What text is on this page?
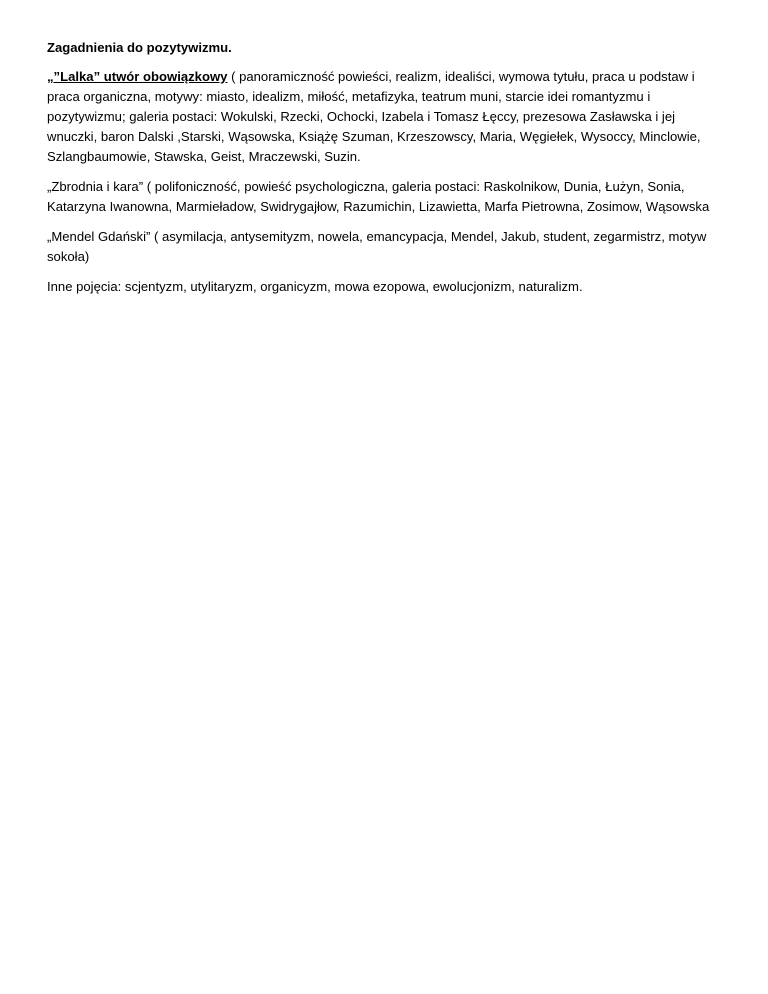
Zagadnienia do pozytywizmu.
„”Lalka” utwór obowiązkowy ( panoramiczność powieści, realizm, idealiści, wymowa tytułu, praca u podstaw i praca organiczna, motywy: miasto, idealizm, miłość, metafizyka, teatrum muni, starcie idei romantyzmu i pozytywizmu; galeria postaci: Wokulski, Rzecki, Ochocki, Izabela i Tomasz Łęccy, prezesowa Zasławska i jej wnuczki, baron Dalski ,Starski, Wąsowska, Książę Szuman, Krzeszowscy, Maria, Węgiełek, Wysoccy, Minclowie, Szlangbaumowie, Stawska, Geist, Mraczewski, Suzin.
„Zbrodnia i kara” ( polifoniczność, powieść psychologiczna, galeria postaci: Raskolnikow, Dunia, Łużyn, Sonia, Katarzyna Iwanowna, Marmieładow, Swidrygajłow, Razumichin, Lizawietta, Marfa Pietrowna, Zosimow, Wąsowska
„Mendel Gdański” ( asymilacja, antysemityzm, nowela, emancypacja, Mendel, Jakub, student, zegarmistrz, motyw sokoła)
Inne pojęcia: scjentyzm, utylitaryzm, organicyzm, mowa ezopowa, ewolucjonizm, naturalizm.
